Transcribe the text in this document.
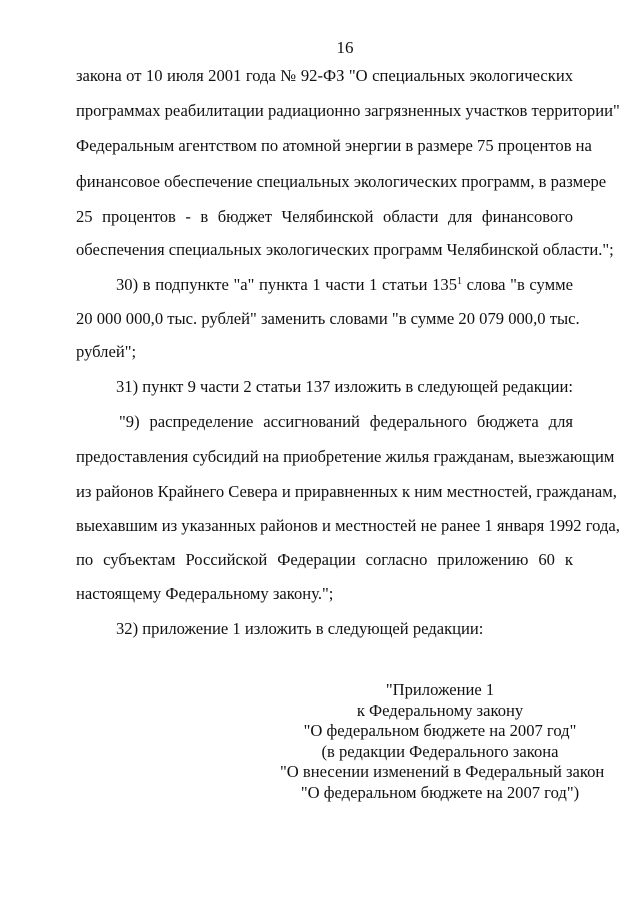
16
закона от 10 июля 2001 года № 92-ФЗ "О специальных экологических
программах реабилитации радиационно загрязненных участков территории"
Федеральным агентством по атомной энергии в размере 75 процентов на
финансовое обеспечение специальных экологических программ, в размере
25 процентов - в бюджет Челябинской области для финансового
обеспечения специальных экологических программ Челябинской области.";
30) в подпункте "а" пункта 1 части 1 статьи $135^1$ слова "в сумме
20 000 000,0 тыс. рублей" заменить словами "в сумме 20 079 000,0 тыс.
рублей";
31) пункт 9 части 2 статьи 137 изложить в следующей редакции:
"9) распределение ассигнований федерального бюджета для
предоставления субсидий на приобретение жилья гражданам, выезжающим
из районов Крайнего Севера и приравненных к ним местностей, гражданам,
выехавшим из указанных районов и местностей не ранее 1 января 1992 года,
по субъектам Российской Федерации согласно приложению 60 к
настоящему Федеральному закону.";
32) приложение 1 изложить в следующей редакции:
"Приложение 1
к Федеральному закону
"О федеральном бюджете на 2007 год"
(в редакции Федерального закона
"О внесении изменений в Федеральный закон
"О федеральном бюджете на 2007 год")
